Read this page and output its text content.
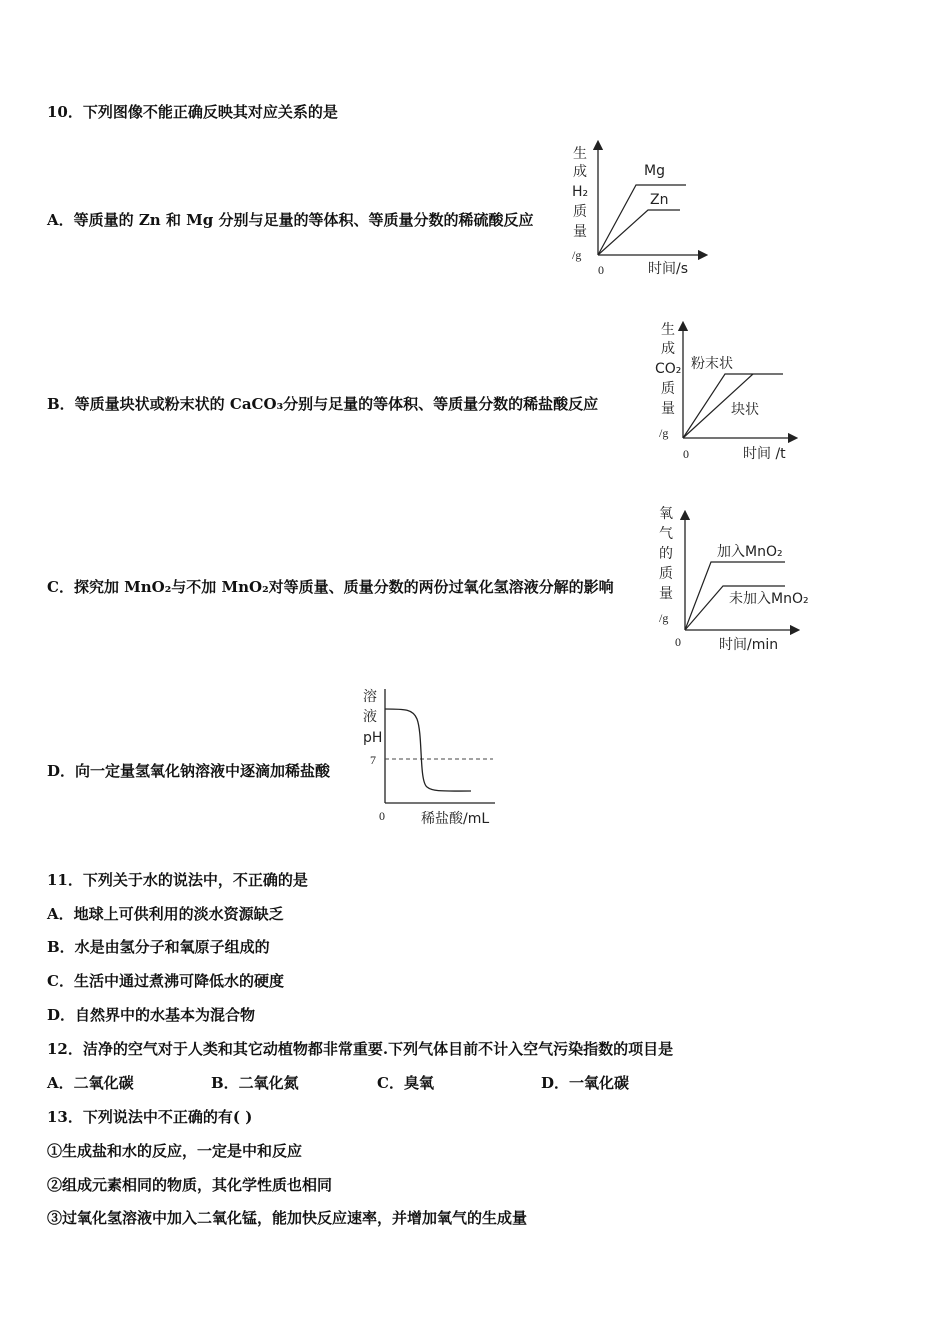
10．下列图像不能正确反映其对应关系的是
A．等质量的 Zn 和 Mg 分别与足量的等体积、等质量分数的稀硫酸反应
生
成
H₂
质
量
/g
0	时间/s
Mg
Zn
B．等质量块状或粉末状的 CaCO₃分别与足量的等体积、等质量分数的稀盐酸反应
生
成
CO₂
质
量
/g
0	时间 /t
粉末状
块状
C．探究加 MnO₂与不加 MnO₂对等质量、质量分数的两份过氧化氢溶液分解的影响
氧
气
的
质
量
/g
0	时间/min
加入MnO₂
未加入MnO₂
D．向一定量氢氧化钠溶液中逐滴加稀盐酸
溶
液
pH
7
0	稀盐酸/mL
11．下列关于水的说法中，不正确的是
A．地球上可供利用的淡水资源缺乏
B．水是由氢分子和氧原子组成的
C．生活中通过煮沸可降低水的硬度
D．自然界中的水基本为混合物
12．洁净的空气对于人类和其它动植物都非常重要.下列气体目前不计入空气污染指数的项目是
A．二氧化碳	B．二氧化氮	C．臭氧	D．一氧化碳
13．下列说法中不正确的有( )
①生成盐和水的反应，一定是中和反应
②组成元素相同的物质，其化学性质也相同
③过氧化氢溶液中加入二氧化锰，能加快反应速率，并增加氧气的生成量
